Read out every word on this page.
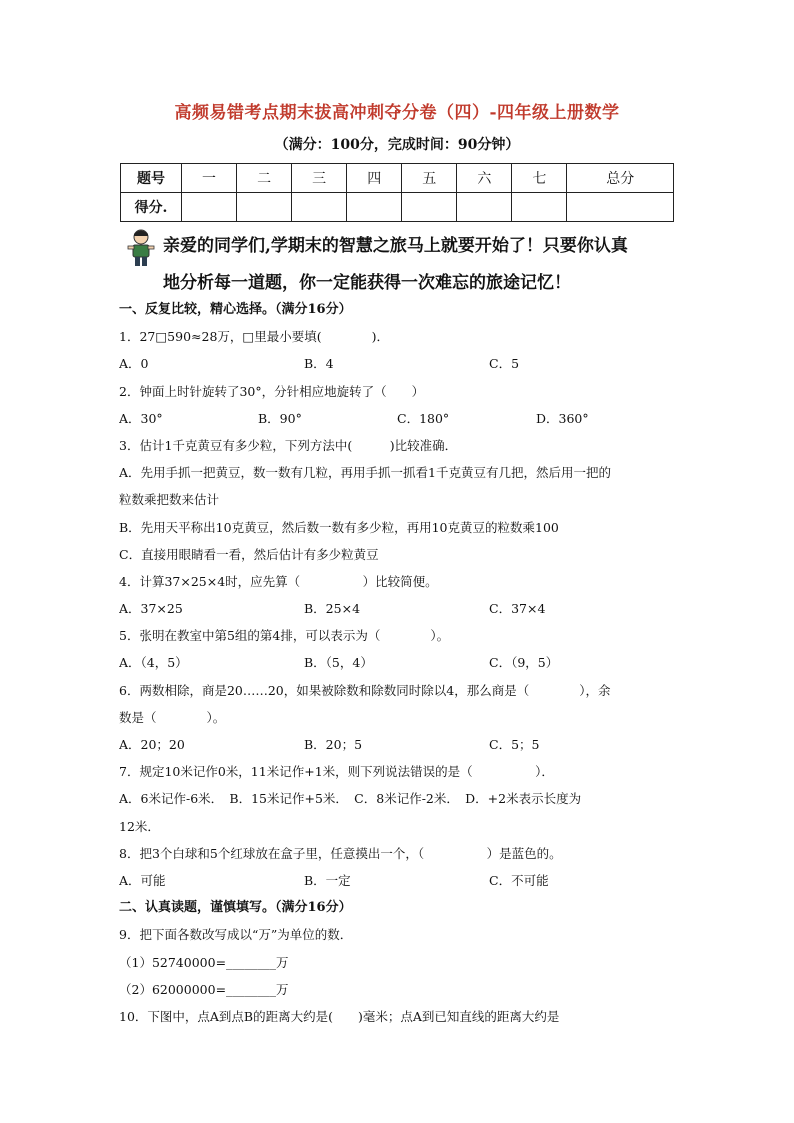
高频易错考点期末拔高冲刺夺分卷（四）-四年级上册数学
（满分：100分，完成时间：90分钟）
题号	一	二	三	四	五	六	七	总分
得分.								
亲爱的同学们,学期末的智慧之旅马上就要开始了！只要你认真
地分析每一道题，你一定能获得一次难忘的旅途记忆！
一、反复比较，精心选择。（满分16分）
1．27□590≈28万，□里最小要填(　　　　)．
A．0	B．4	C．5
2．钟面上时针旋转了30°，分针相应地旋转了（　　）
A．30°	B．90°	C．180°	D．360°
3．估计1千克黄豆有多少粒，下列方法中(　　　)比较准确．
A．先用手抓一把黄豆，数一数有几粒，再用手抓一抓看1千克黄豆有几把，然后用一把的
粒数乘把数来估计
B．先用天平称出10克黄豆，然后数一数有多少粒，再用10克黄豆的粒数乘100
C．直接用眼睛看一看，然后估计有多少粒黄豆
4．计算37×25×4时，应先算（　　　　　）比较简便。
A．37×25	B．25×4	C．37×4
5．张明在教室中第5组的第4排，可以表示为（　　　　）。
A．（4，5）	B．（5，4）	C．（9，5）
6．两数相除，商是20……20，如果被除数和除数同时除以4，那么商是（　　　　），余
数是（　　　　）。
A．20；20	B．20；5	C．5；5
7．规定10米记作0米，11米记作+1米，则下列说法错误的是（　　　　　）．
A．6米记作-6米．　B．15米记作+5米．　C．8米记作-2米．　D．+2米表示长度为
12米．
8．把3个白球和5个红球放在盒子里，任意摸出一个，（　　　　　）是蓝色的。
A．可能	B．一定	C．不可能
二、认真读题，谨慎填写。（满分16分）
9．把下面各数改写成以“万”为单位的数．
（1）52740000=________万
（2）62000000=________万
10．下图中，点A到点B的距离大约是(　　)毫米；点A到已知直线的距离大约是
